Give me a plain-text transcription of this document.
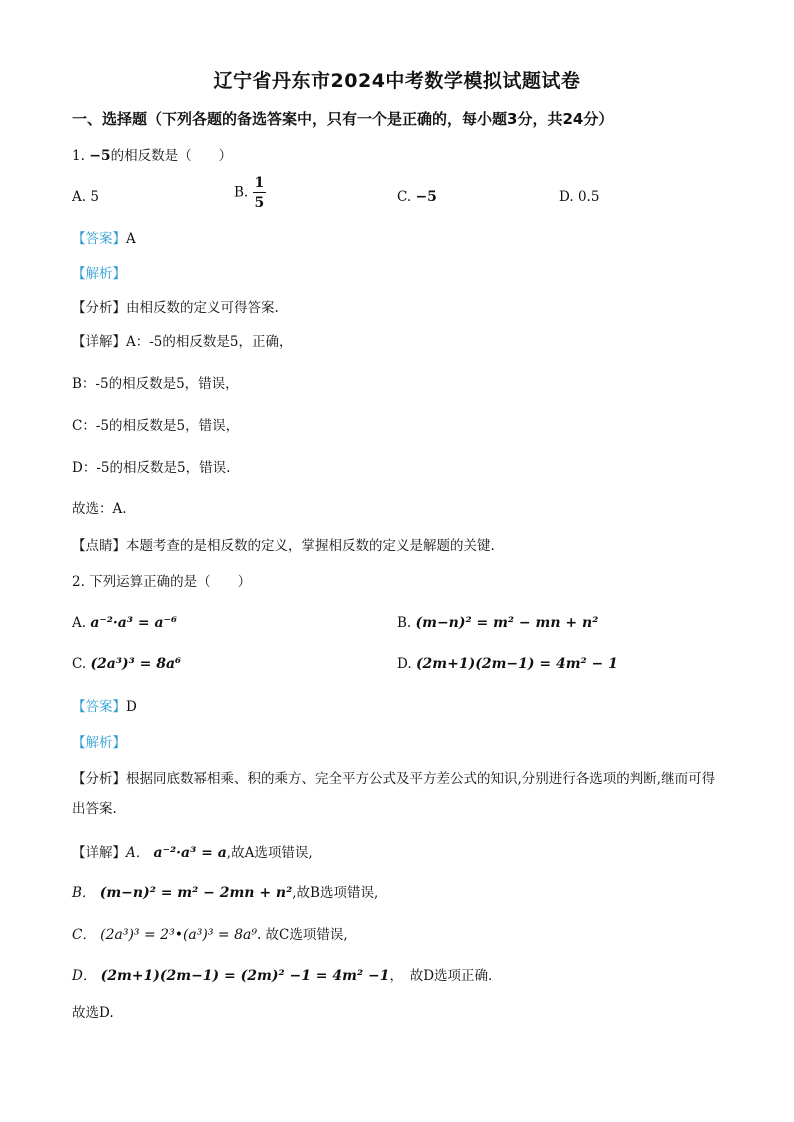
辽宁省丹东市2024中考数学模拟试题试卷
一、选择题（下列各题的备选答案中，只有一个是正确的，每小题3分，共24分）
1. −5的相反数是（　　）
A. 5	B. $\frac{1}{5}$	C. −5	D. 0.5
【答案】A
【解析】
【分析】由相反数的定义可得答案.
【详解】A：-5的相反数是5，正确，
B：-5的相反数是5，错误，
C：-5的相反数是5，错误，
D：-5的相反数是5，错误.
故选：A.
【点睛】本题考查的是相反数的定义，掌握相反数的定义是解题的关键.
2. 下列运算正确的是（　　）
A. a⁻²·a³ = a⁻⁶	B. (m−n)² = m² − mn + n²
C. (2a³)³ = 8a⁶	D. (2m+1)(2m−1) = 4m² − 1
【答案】D
【解析】
【分析】根据同底数幂相乘、积的乘方、完全平方公式及平方差公式的知识,分别进行各选项的判断,继而可得出答案.
【详解】A． a⁻²·a³ = a,故A选项错误,
B． (m−n)² = m² − 2mn + n²,故B选项错误,
C． (2a³)³ = 2³•(a³)³ = 8a⁹. 故C选项错误,
D． (2m+1)(2m−1) = (2m)² −1 = 4m² −1，　故D选项正确.
故选D.
